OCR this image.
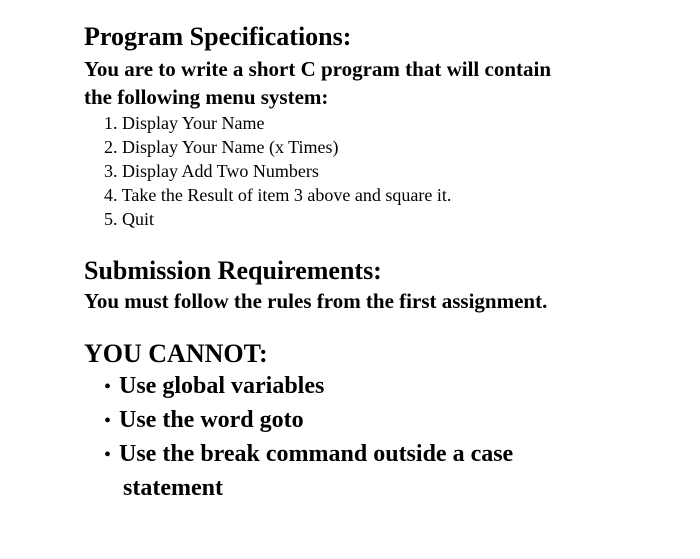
Program Specifications:
You are to write a short C program that will contain
the following menu system:
1. Display Your Name
2. Display Your Name (x Times)
3. Display Add Two Numbers
4. Take the Result of item 3 above and square it.
5. Quit
Submission Requirements:
You must follow the rules from the first assignment.
YOU CANNOT:
• Use global variables
• Use the word goto
• Use the break command outside a case
statement
